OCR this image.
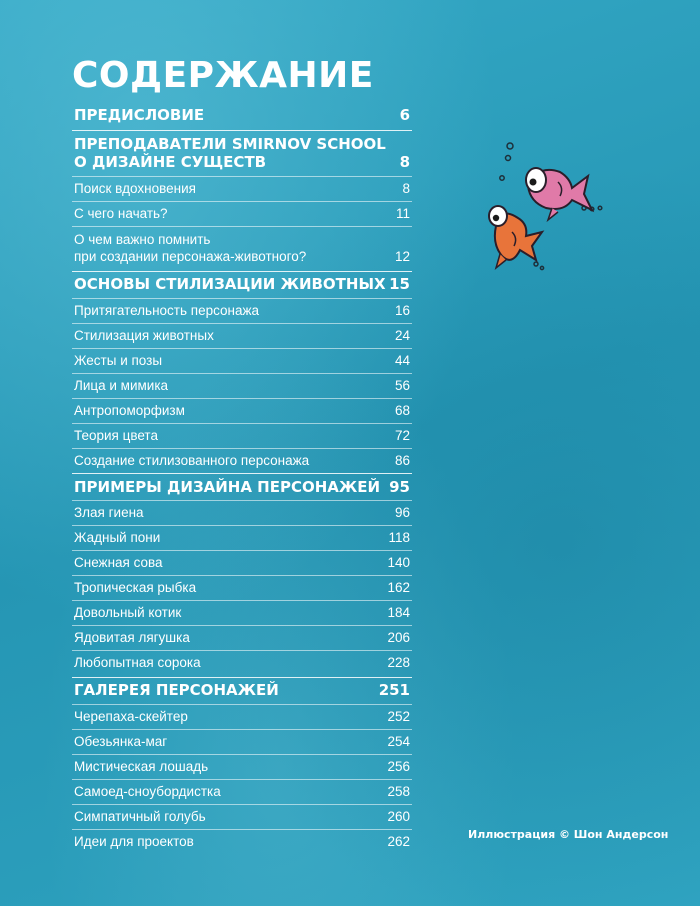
СОДЕРЖАНИЕ
ПРЕДИСЛОВИЕ	6
ПРЕПОДАВАТЕЛИ SMIRNOV SCHOOL
О ДИЗАЙНЕ СУЩЕСТВ	8
Поиск вдохновения	8
С чего начать?	11
О чем важно помнить
при создании персонажа-животного?	12
ОСНОВЫ СТИЛИЗАЦИИ ЖИВОТНЫХ 15
Притягательность персонажа	16
Стилизация животных	24
Жесты и позы	44
Лица и мимика	56
Антропоморфизм	68
Теория цвета	72
Создание стилизованного персонажа	86
ПРИМЕРЫ ДИЗАЙНА ПЕРСОНАЖЕЙ 95
Злая гиена	96
Жадный пони	118
Снежная сова	140
Тропическая рыбка	162
Довольный котик	184
Ядовитая лягушка	206
Любопытная сорока	228
ГАЛЕРЕЯ ПЕРСОНАЖЕЙ	251
Черепаха-скейтер	252
Обезьянка-маг	254
Мистическая лошадь	256
Самоед-сноубордистка	258
Симпатичный голубь	260
Идеи для проектов	262	Иллюстрация © Шон Андерсон
